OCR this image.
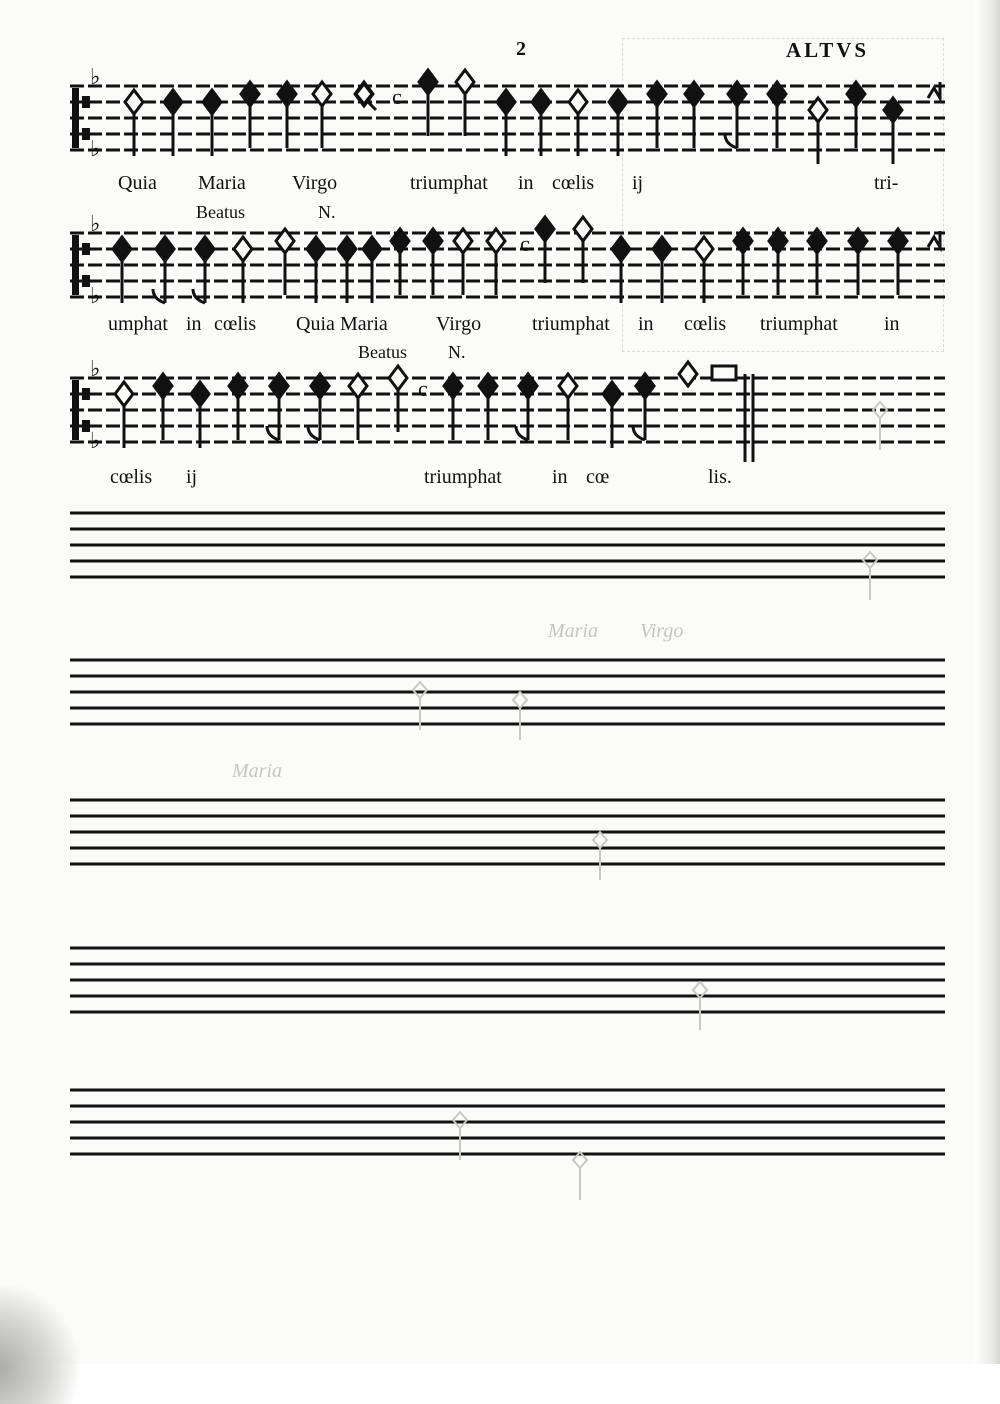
2	ALTVS
♭
♭
c
♭
♭
c
♭
♭
c
Quia Maria Virgo	triumphat in cœlis ij	tri-
Beatus	N.
umphat in cœlis Quia Maria Virgo	triumphat in cœlis triumphat in
Beatus N.
cœlis ij	triumphat	in cœ	lis.
Maria Virgo
Maria
